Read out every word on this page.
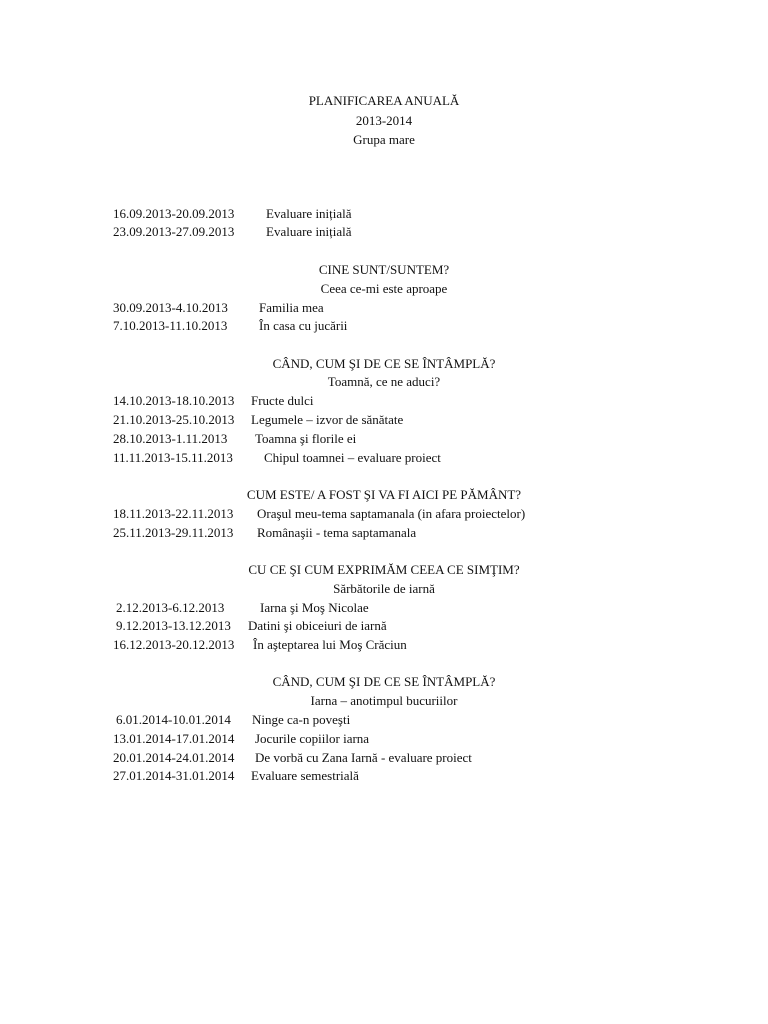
PLANIFICAREA ANUALĂ
2013-2014
Grupa mare
16.09.2013-20.09.2013 Evaluare inițială
23.09.2013-27.09.2013 Evaluare inițială
CINE SUNT/SUNTEM?
Ceea ce-mi este aproape
30.09.2013-4.10.2013 Familia mea
7.10.2013-11.10.2013 În casa cu jucării
CÂND, CUM ŞI DE CE SE ÎNTÂMPLĂ?
Toamnă, ce ne aduci?
14.10.2013-18.10.2013 Fructe dulci
21.10.2013-25.10.2013 Legumele – izvor de sănătate
28.10.2013-1.11.2013 Toamna şi florile ei
11.11.2013-15.11.2013 Chipul toamnei – evaluare proiect
CUM ESTE/ A FOST ŞI VA FI AICI PE PĂMÂNT?
18.11.2013-22.11.2013 Oraşul meu-tema saptamanala (in afara proiectelor)
25.11.2013-29.11.2013 Românaşii - tema saptamanala
CU CE ŞI CUM EXPRIMĂM CEEA CE SIMŢIM?
Sărbătorile de iarnă
2.12.2013-6.12.2013	Iarna şi Moş Nicolae
9.12.2013-13.12.2013 Datini şi obiceiuri de iarnă
16.12.2013-20.12.2013 În aşteptarea lui Moş Crăciun
CÂND, CUM ŞI DE CE SE ÎNTÂMPLĂ?
Iarna – anotimpul bucuriilor
6.01.2014-10.01.2014 Ninge ca-n poveşti
13.01.2014-17.01.2014 Jocurile copiilor iarna
20.01.2014-24.01.2014 De vorbă cu Zana Iarnă - evaluare proiect
27.01.2014-31.01.2014 Evaluare semestrială
